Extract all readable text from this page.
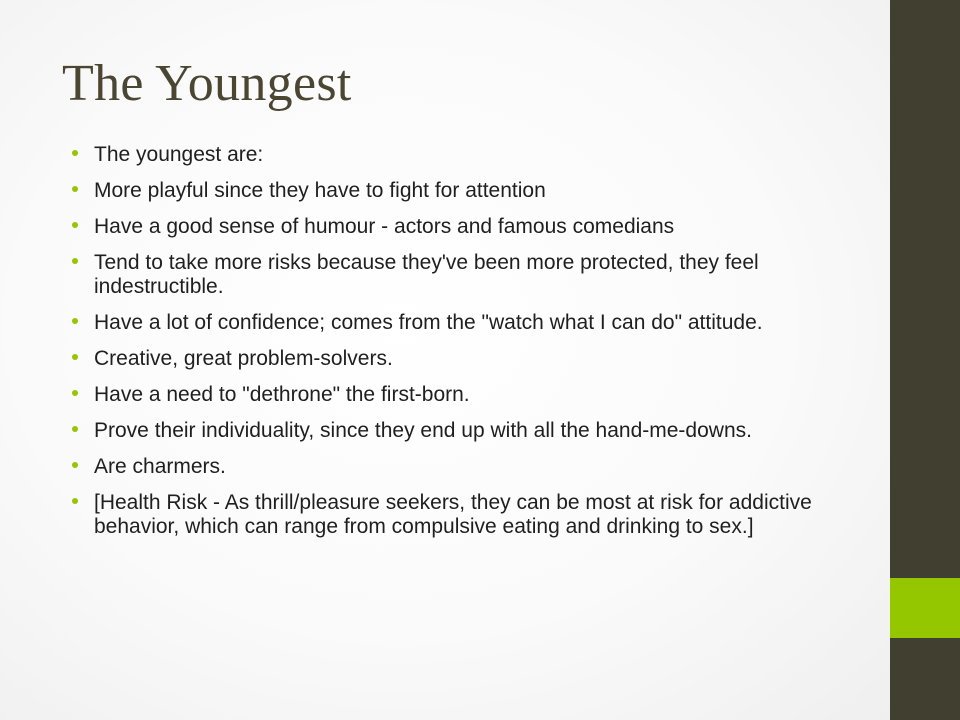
The Youngest
The youngest are:
More playful since they have to fight for attention
Have a good sense of humour - actors and famous comedians
Tend to take more risks because they've been more protected, they feel indestructible.
Have a lot of confidence; comes from the "watch what I can do" attitude.
Creative, great problem-solvers.
Have a need to "dethrone" the first-born.
Prove their individuality, since they end up with all the hand-me-downs.
Are charmers.
[Health Risk - As thrill/pleasure seekers, they can be most at risk for addictive behavior, which can range from compulsive eating and drinking to sex.]
